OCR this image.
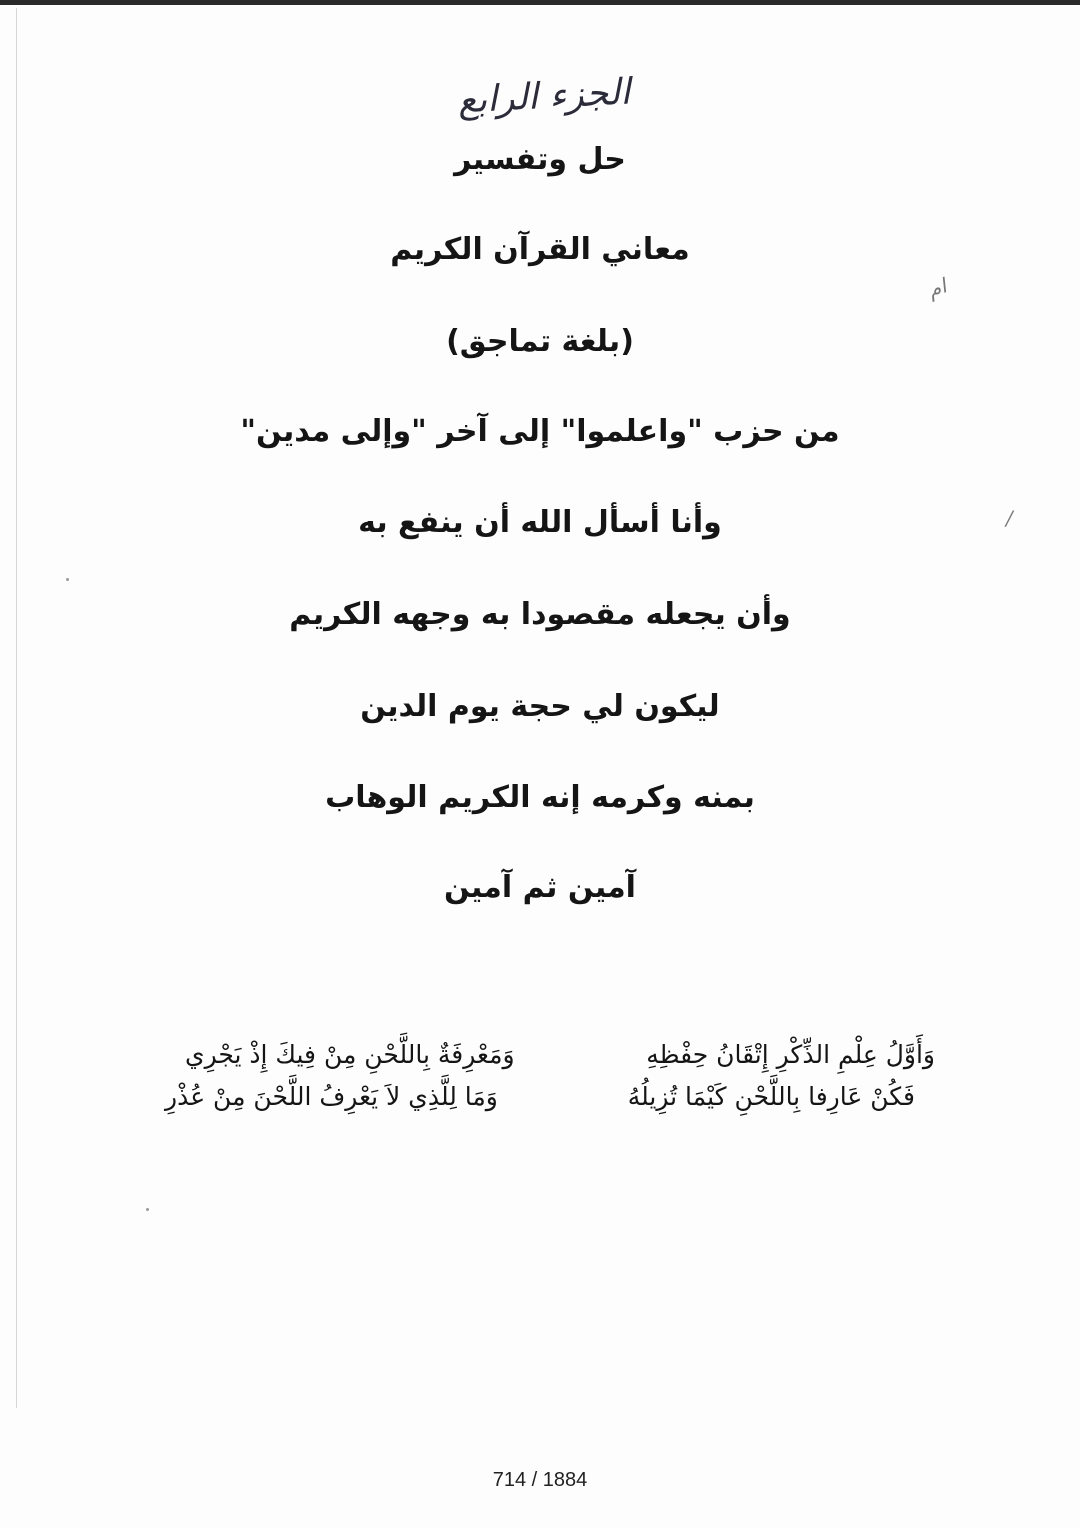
الجزء الرابع
حل وتفسير
معاني القرآن الكريم
(بلغة تماجق)
من حزب "واعلموا" إلى آخر "وإلى مدين"
وأنا أسأل الله أن ينفع به
وأن يجعله مقصودا به وجهه الكريم
ليكون لي حجة يوم الدين
بمنه وكرمه إنه الكريم الوهاب
آمين ثم آمين
وَأَوَّلُ عِلْمِ الذِّكْرِ إِتْقَانُ حِفْظِهِ
وَمَعْرِفَةٌ بِاللَّحْنِ مِنْ فِيكَ إِذْ يَجْرِي
فَكُنْ عَارِفا بِاللَّحْنِ كَيْمَا تُزِيلُهُ
وَمَا لِلَّذِي لاَ يَعْرِفُ اللَّحْنَ مِنْ عُذْرِ
ﺍﻡ
/
714 / 1884
